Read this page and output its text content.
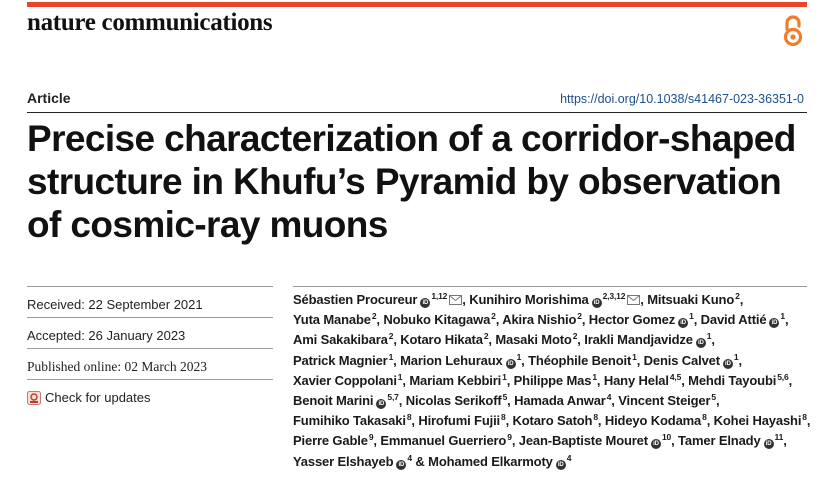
nature communications
Article	https://doi.org/10.1038/s41467-023-36351-0
Precise characterization of a corridor-shaped structure in Khufu’s Pyramid by observation of cosmic-ray muons
Received: 22 September 2021
Accepted: 26 January 2023
Published online: 02 March 2023
Check for updates
Sébastien Procureur iD$^{1,12}$ , Kunihiro Morishima iD$^{2,3,12}$ , Mitsuaki Kuno$^2$, Yuta Manabe$^2$, Nobuko Kitagawa$^2$, Akira Nishio$^2$, Hector Gomez $iD^1$, David Attié $iD^1$, Ami Sakakibara$^2$, Kotaro Hikata$^2$, Masaki Moto$^2$, Irakli Mandjavidze $iD^1$, Patrick Magnier$^1$, Marion Lehuraux $iD^1$, Théophile Benoit$^1$, Denis Calvet $iD^1$, Xavier Coppolani$^1$, Mariam Kebbiri$^1$, Philippe Mas$^1$, Hany Helal$^{4,5}$, Mehdi Tayoubi$^{5,6}$, Benoit Marini iD$^{5,7}$, Nicolas Serikoff$^5$, Hamada Anwar$^4$, Vincent Steiger$^5$, Fumihiko Takasaki$^8$, Hirofumi Fujii$^8$, Kotaro Satoh$^8$, Hideyo Kodama$^8$, Kohei Hayashi$^8$, Pierre Gable$^9$, Emmanuel Guerriero$^9$, Jean-Baptiste Mouret $iD^{10}$, Tamer Elnady $iD^{11}$, Yasser Elshayeb $iD^4$ & Mohamed Elkarmoty $iD^4$
